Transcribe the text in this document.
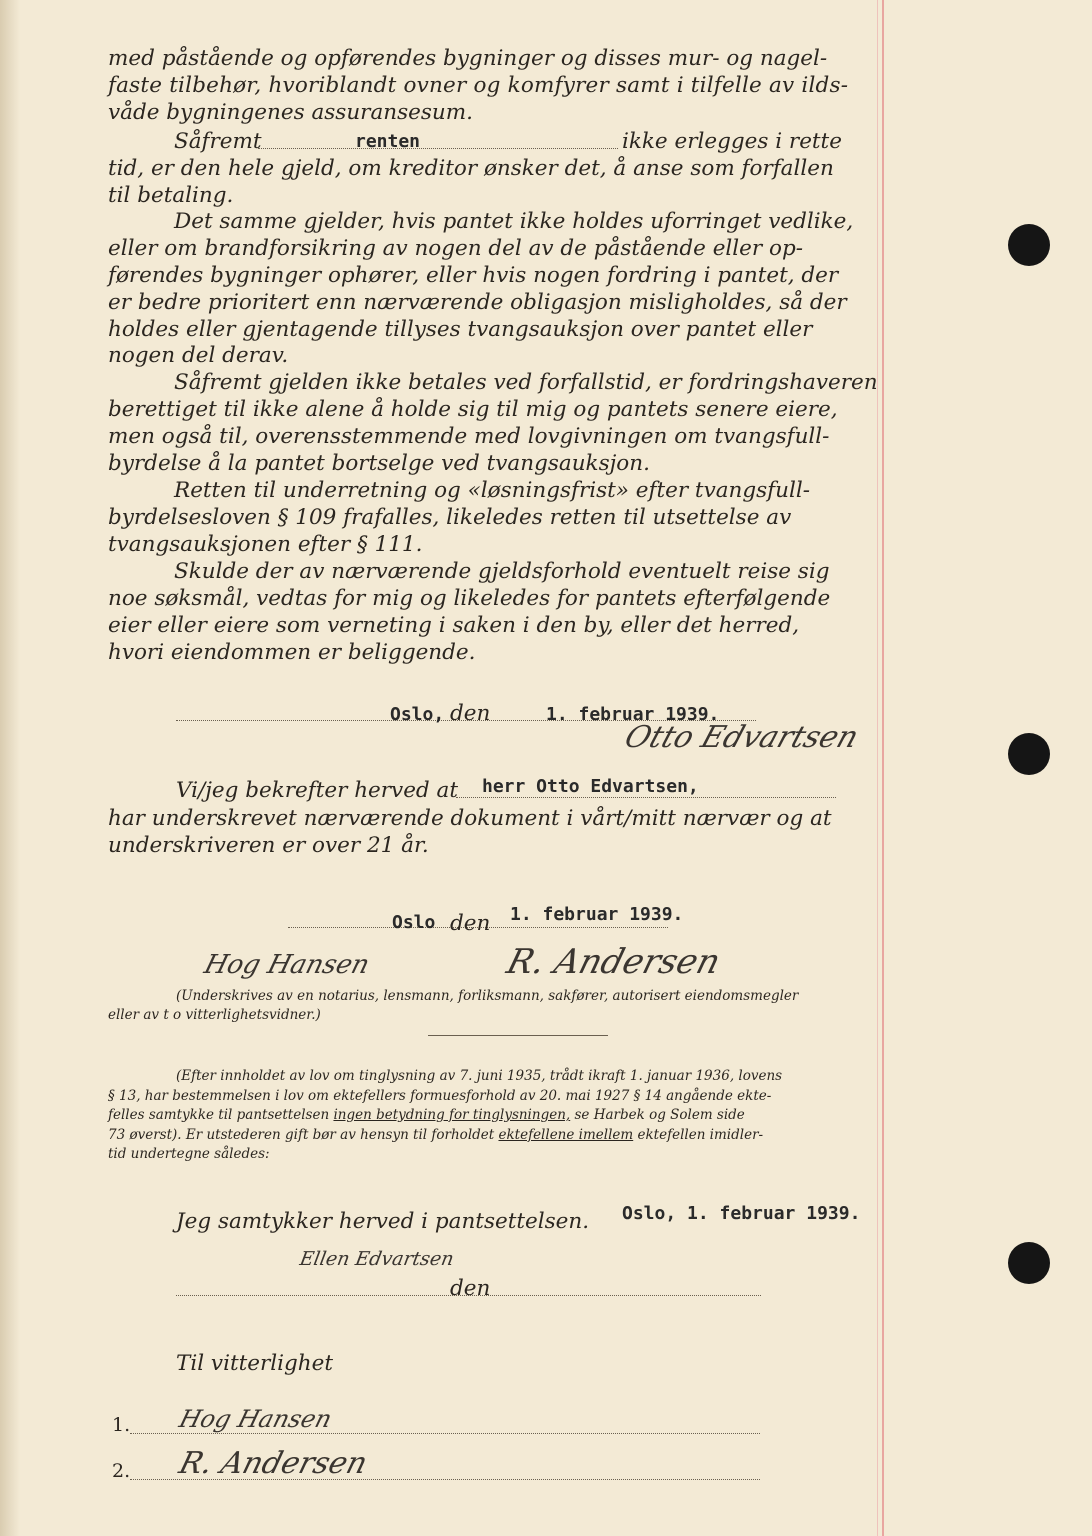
med påstående og opførendes bygninger og disses mur- og nagel-
faste tilbehør, hvoriblandt ovner og komfyrer samt i tilfelle av ilds-
våde bygningenes assuransesum.
Såfremt	renten	ikke erlegges i rette
tid, er den hele gjeld, om kreditor ønsker det, å anse som forfallen
til betaling.
Det samme gjelder, hvis pantet ikke holdes uforringet vedlike,
eller om brandforsikring av nogen del av de påstående eller op-
førendes bygninger ophører, eller hvis nogen fordring i pantet, der
er bedre prioritert enn nærværende obligasjon misligholdes, så der
holdes eller gjentagende tillyses tvangsauksjon over pantet eller
nogen del derav.
Såfremt gjelden ikke betales ved forfallstid, er fordringshaveren
berettiget til ikke alene å holde sig til mig og pantets senere eiere,
men også til, overensstemmende med lovgivningen om tvangsfull-
byrdelse å la pantet bortselge ved tvangsauksjon.
Retten til underretning og «løsningsfrist» efter tvangsfull-
byrdelsesloven § 109 frafalles, likeledes retten til utsettelse av
tvangsauksjonen efter § 111.
Skulde der av nærværende gjeldsforhold eventuelt reise sig
noe søksmål, vedtas for mig og likeledes for pantets efterfølgende
eier eller eiere som verneting i saken i den by, eller det herred,
hvori eiendommen er beliggende.
Oslo, den	1. februar 1939.
Otto Edvartsen
Vi/jeg bekrefter herved at herr Otto Edvartsen,
har underskrevet nærværende dokument i vårt/mitt nærvær og at
underskriveren er over 21 år.
Oslo den 1. februar 1939.
Hog Hansen	R. Andersen
(Underskrives av en notarius, lensmann, forliksmann, sakfører, autorisert eiendomsmegler
eller av t o vitterlighetsvidner.)
(Efter innholdet av lov om tinglysning av 7. juni 1935, trådt ikraft 1. januar 1936, lovens
§ 13, har bestemmelsen i lov om ektefellers formuesforhold av 20. mai 1927 § 14 angående ekte-
felles samtykke til pantsettelsen ingen betydning for tinglysningen, se Harbek og Solem side
73 øverst). Er utstederen gift bør av hensyn til forholdet ektefellene imellem ektefellen imidler-
tid undertegne således:
Jeg samtykker herved i pantsettelsen. Oslo, 1. februar 1939.
Ellen Edvartsen
den
Til vitterlighet
1. Hog Hansen
2. R. Andersen
